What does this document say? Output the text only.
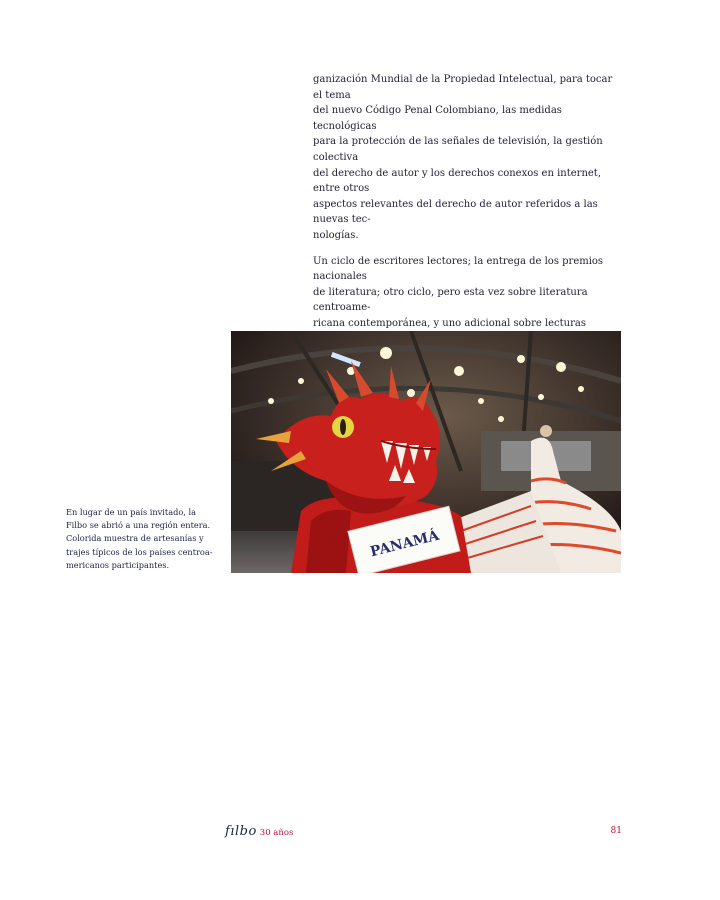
ganización Mundial de la Propiedad Intelectual, para tocar el tema
del nuevo Código Penal Colombiano, las medidas tecnológicas
para la protección de las señales de televisión, la gestión colectiva
del derecho de autor y los derechos conexos en internet, entre otros
aspectos relevantes del derecho de autor referidos a las nuevas tec-
nologías.

Un ciclo de escritores lectores; la entrega de los premios nacionales
de literatura; otro ciclo, pero esta vez sobre literatura centroame-
ricana contemporánea, y uno adicional sobre lecturas

PANAMÁ
En lugar de un país invitado, la
Filbo se abrió a una región entera.
Colorida muestra de artesanías y
trajes típicos de los países centroa-
mericanos participantes.
fılbo 30 años	81
